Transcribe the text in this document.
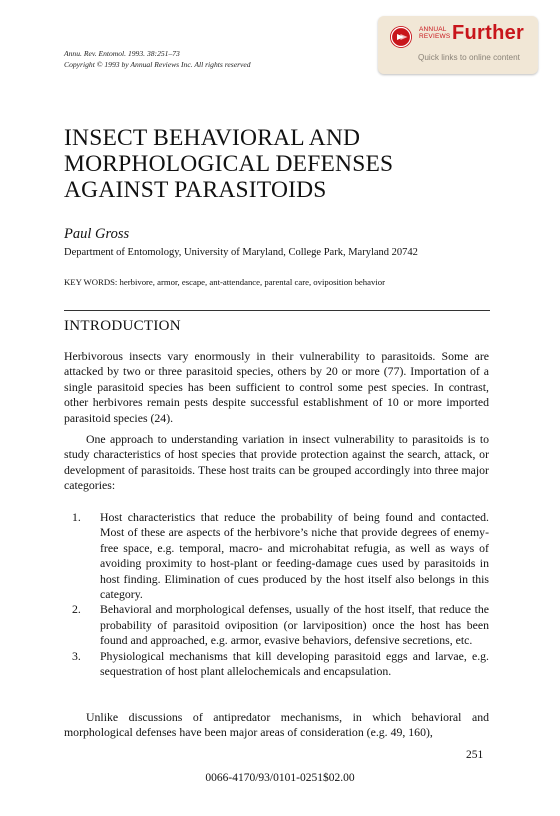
Annu. Rev. Entomol. 1993. 38:251–73
Copyright © 1993 by Annual Reviews Inc. All rights reserved
ANNUAL
REVIEWS Further
Quick links to online content
INSECT BEHAVIORAL AND
MORPHOLOGICAL DEFENSES
AGAINST PARASITOIDS
Paul Gross
Department of Entomology, University of Maryland, College Park, Maryland 20742
KEY WORDS: herbivore, armor, escape, ant-attendance, parental care, oviposition behavior
INTRODUCTION
Herbivorous insects vary enormously in their vulnerability to parasitoids. Some are attacked by two or three parasitoid species, others by 20 or more (77). Importation of a single parasitoid species has been sufficient to control some pest species. In contrast, other herbivores remain pests despite successful establishment of 10 or more imported parasitoid species (24).
One approach to understanding variation in insect vulnerability to parasitoids is to study characteristics of host species that provide protection against the search, attack, or development of parasitoids. These host traits can be grouped accordingly into three major categories:
1. Host characteristics that reduce the probability of being found and contacted. Most of these are aspects of the herbivore’s niche that provide degrees of enemy-free space, e.g. temporal, macro- and microhabitat refugia, as well as ways of avoiding proximity to host-plant or feeding-damage cues used by parasitoids in host finding. Elimination of cues produced by the host itself also belongs in this category.
2. Behavioral and morphological defenses, usually of the host itself, that reduce the probability of parasitoid oviposition (or larviposition) once the host has been found and approached, e.g. armor, evasive behaviors, defensive secretions, etc.
3. Physiological mechanisms that kill developing parasitoid eggs and larvae, e.g. sequestration of host plant allelochemicals and encapsulation.
Unlike discussions of antipredator mechanisms, in which behavioral and morphological defenses have been major areas of consideration (e.g. 49, 160),
251
0066-4170/93/0101-0251$02.00
